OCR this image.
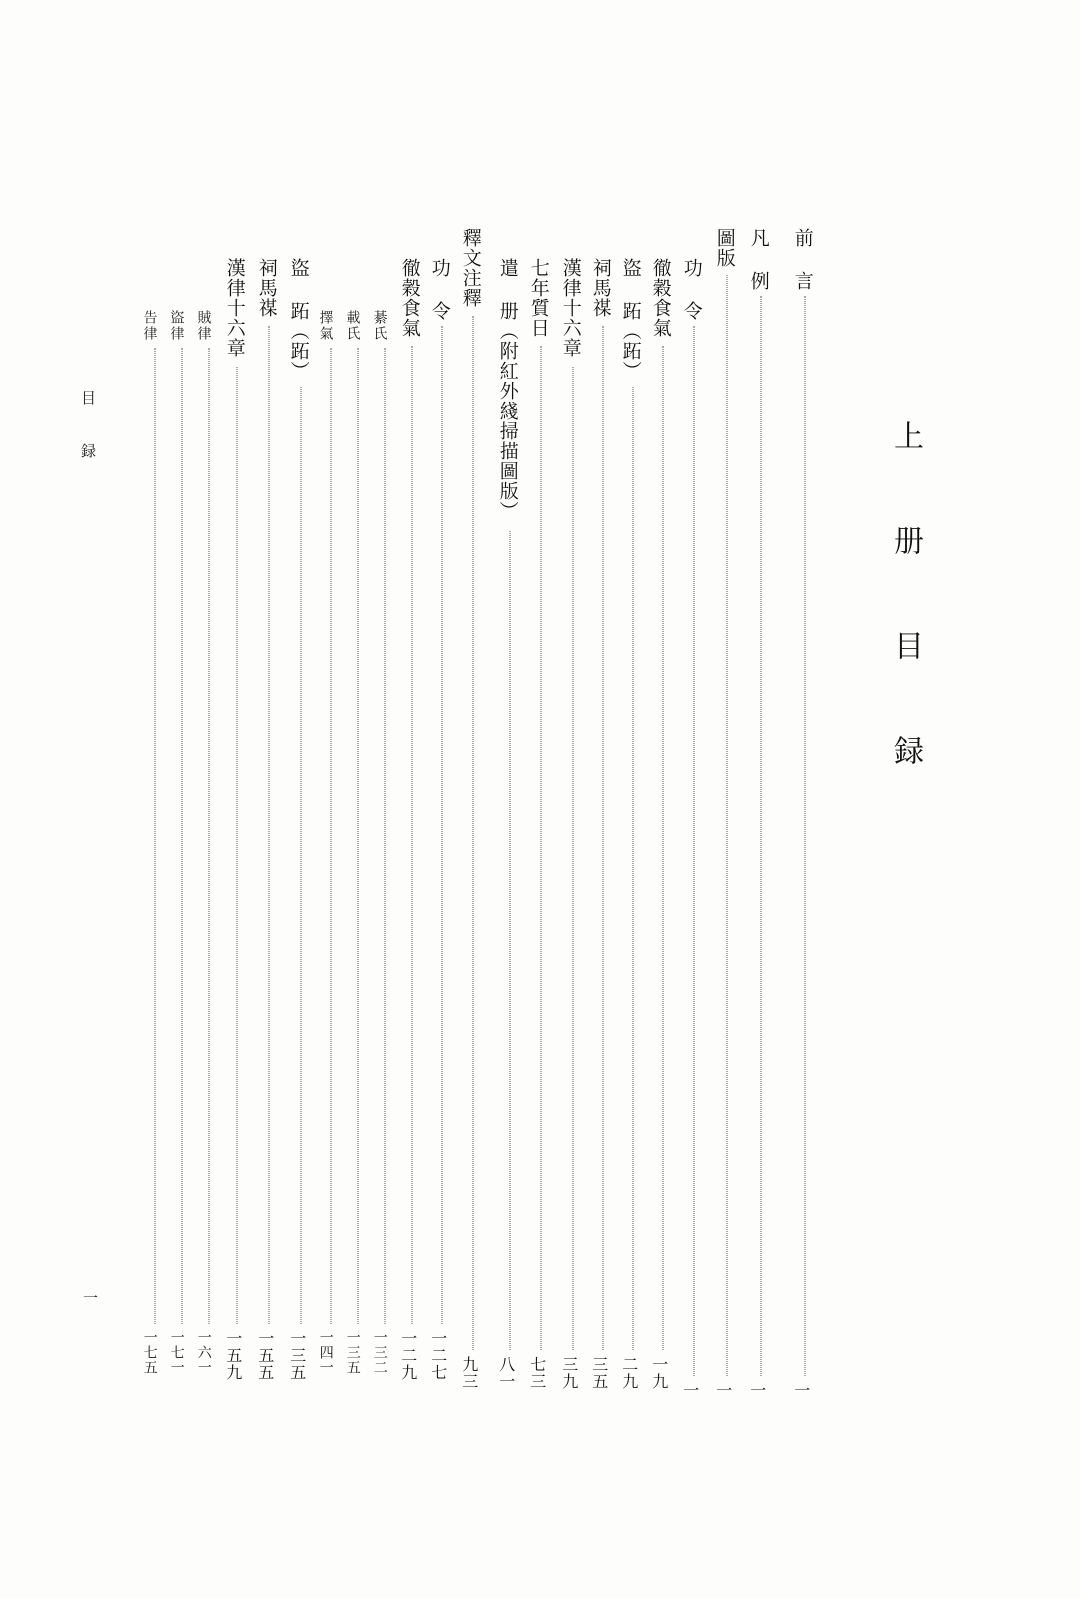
上 册 目 録
目 録
一
前 言
一
凡 例
一
圖版
一
功 令
一
徹穀食氣
一九
盜 跖（跖）
二九
祠馬禖
三五
漢律十六章
三九
七年質日
七三
遣 册（附紅外綫掃描圖版）
八一
釋文注釋
九三
功 令
一二七
徹穀食氣
一二九
綦氏
一三二
載氏
一三五
擇氣
一四一
盜 跖（跖）
一三五
祠馬禖
一五五
漢律十六章
一五九
賊律
一六一
盜律
一七一
告律
一七五
